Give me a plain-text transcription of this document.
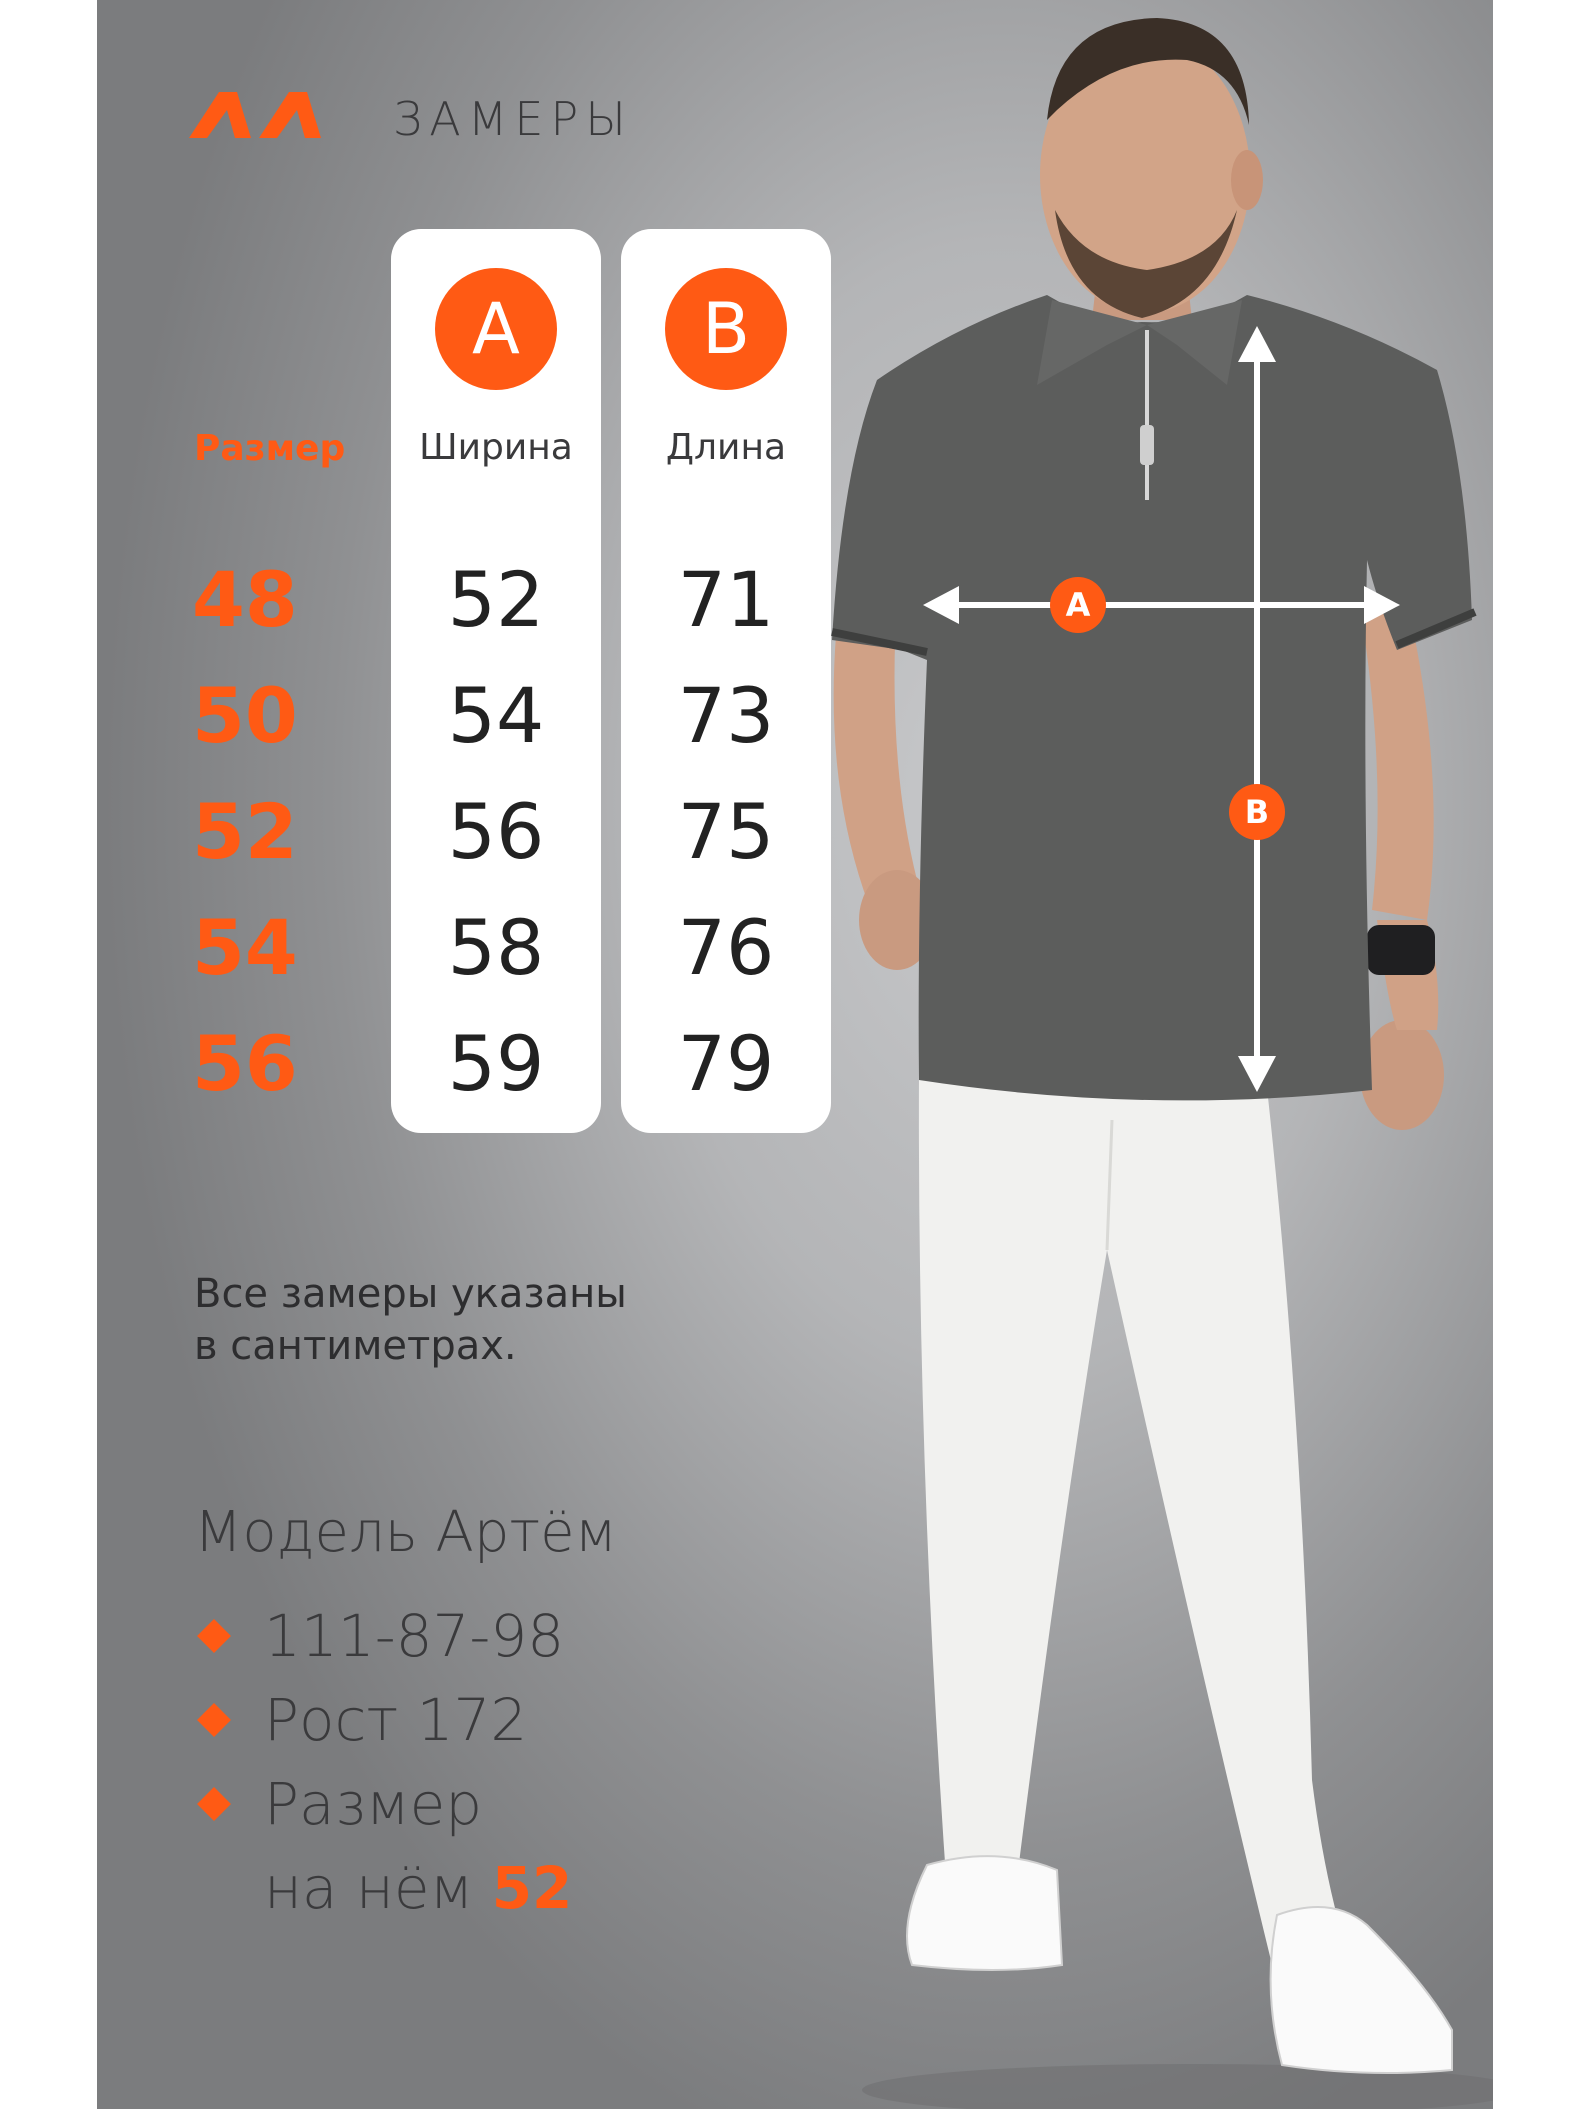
A
B
ЗАМЕРЫ
Размер
48
50
52
54
56
A
Ширина
52
54
56
58
59
B
Длина
71
73
75
76
79
Все замеры указаны
в сантиметрах.
Модель Артём
111-87-98
Рост 172
Размер
на нём 52
